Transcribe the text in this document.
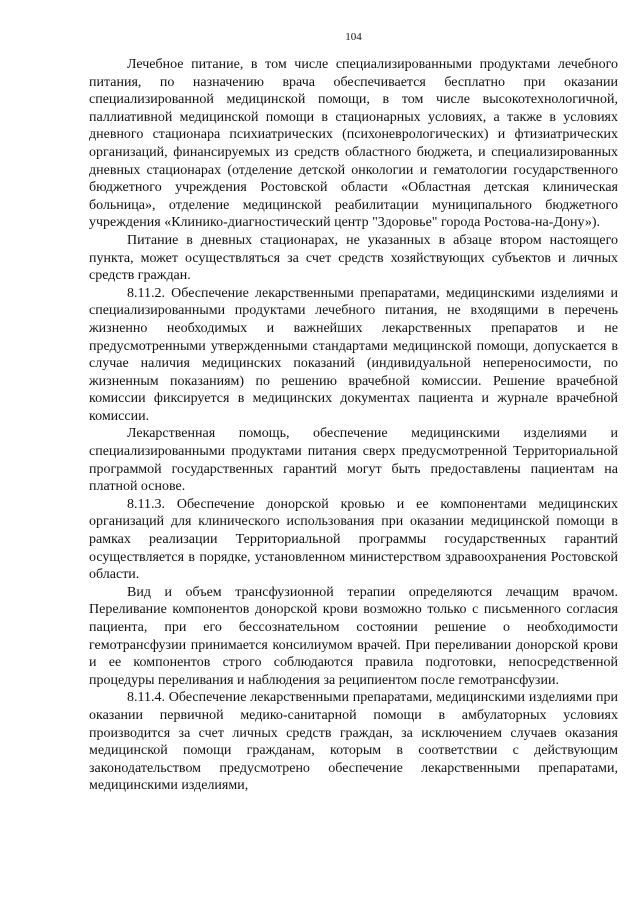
104

Лечебное питание, в том числе специализированными продуктами лечебного питания, по назначению врача обеспечивается бесплатно при оказании специализированной медицинской помощи, в том числе высокотехнологичной, паллиативной медицинской помощи в стационарных условиях, а также в условиях дневного стационара психиатрических (психоневрологических) и фтизиатрических организаций, финансируемых из средств областного бюджета, и специализированных дневных стационарах (отделение детской онкологии и гематологии государственного бюджетного учреждения Ростовской области «Областная детская клиническая больница», отделение медицинской реабилитации муниципального бюджетного учреждения «Клинико-диагностический центр "Здоровье" города Ростова-на-Дону»).

Питание в дневных стационарах, не указанных в абзаце втором настоящего пункта, может осуществляться за счет средств хозяйствующих субъектов и личных средств граждан.

8.11.2. Обеспечение лекарственными препаратами, медицинскими изделиями и специализированными продуктами лечебного питания, не входящими в перечень жизненно необходимых и важнейших лекарственных препаратов и не предусмотренными утвержденными стандартами медицинской помощи, допускается в случае наличия медицинских показаний (индивидуальной непереносимости, по жизненным показаниям) по решению врачебной комиссии. Решение врачебной комиссии фиксируется в медицинских документах пациента и журнале врачебной комиссии.

Лекарственная помощь, обеспечение медицинскими изделиями и специализированными продуктами питания сверх предусмотренной Территориальной программой государственных гарантий могут быть предоставлены пациентам на платной основе.

8.11.3. Обеспечение донорской кровью и ее компонентами медицинских организаций для клинического использования при оказании медицинской помощи в рамках реализации Территориальной программы государственных гарантий осуществляется в порядке, установленном министерством здравоохранения Ростовской области.

Вид и объем трансфузионной терапии определяются лечащим врачом. Переливание компонентов донорской крови возможно только с письменного согласия пациента, при его бессознательном состоянии решение о необходимости гемотрансфузии принимается консилиумом врачей. При переливании донорской крови и ее компонентов строго соблюдаются правила подготовки, непосредственной процедуры переливания и наблюдения за реципиентом после гемотрансфузии.

8.11.4. Обеспечение лекарственными препаратами, медицинскими изделиями при оказании первичной медико-санитарной помощи в амбулаторных условиях производится за счет личных средств граждан, за исключением случаев оказания медицинской помощи гражданам, которым в соответствии с действующим законодательством предусмотрено обеспечение лекарственными препаратами, медицинскими изделиями,
